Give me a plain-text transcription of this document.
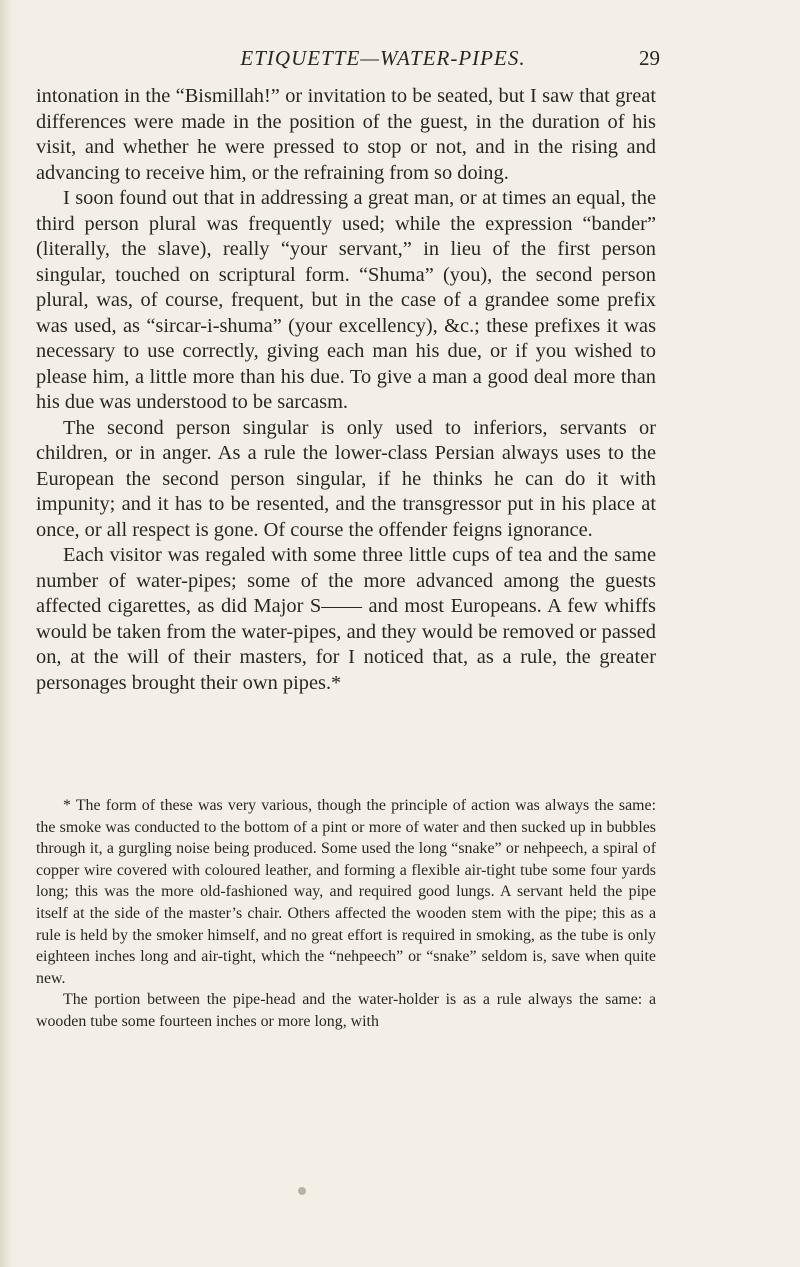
ETIQUETTE—WATER-PIPES.	29

intonation in the “Bismillah!” or invitation to be seated, but I saw that great differences were made in the position of the guest, in the duration of his visit, and whether he were pressed to stop or not, and in the rising and advancing to receive him, or the refraining from so doing.

I soon found out that in addressing a great man, or at times an equal, the third person plural was frequently used; while the expression “bander” (literally, the slave), really “your servant,” in lieu of the first person singular, touched on scriptural form. “Shuma” (you), the second person plural, was, of course, frequent, but in the case of a grandee some prefix was used, as “sircar-i-shuma” (your excellency), &c.; these prefixes it was necessary to use correctly, giving each man his due, or if you wished to please him, a little more than his due. To give a man a good deal more than his due was understood to be sarcasm.

The second person singular is only used to inferiors, servants or children, or in anger. As a rule the lower-class Persian always uses to the European the second person singular, if he thinks he can do it with impunity; and it has to be resented, and the transgressor put in his place at once, or all respect is gone. Of course the offender feigns ignorance.

Each visitor was regaled with some three little cups of tea and the same number of water-pipes; some of the more advanced among the guests affected cigarettes, as did Major S—— and most Europeans. A few whiffs would be taken from the water-pipes, and they would be removed or passed on, at the will of their masters, for I noticed that, as a rule, the greater personages brought their own pipes.*

* The form of these was very various, though the principle of action was always the same: the smoke was conducted to the bottom of a pint or more of water and then sucked up in bubbles through it, a gurgling noise being produced. Some used the long “snake” or nehpeech, a spiral of copper wire covered with coloured leather, and forming a flexible air-tight tube some four yards long; this was the more old-fashioned way, and required good lungs. A servant held the pipe itself at the side of the master’s chair. Others affected the wooden stem with the pipe; this as a rule is held by the smoker himself, and no great effort is required in smoking, as the tube is only eighteen inches long and air-tight, which the “nehpeech” or “snake” seldom is, save when quite new.

The portion between the pipe-head and the water-holder is as a rule always the same: a wooden tube some fourteen inches or more long, with
